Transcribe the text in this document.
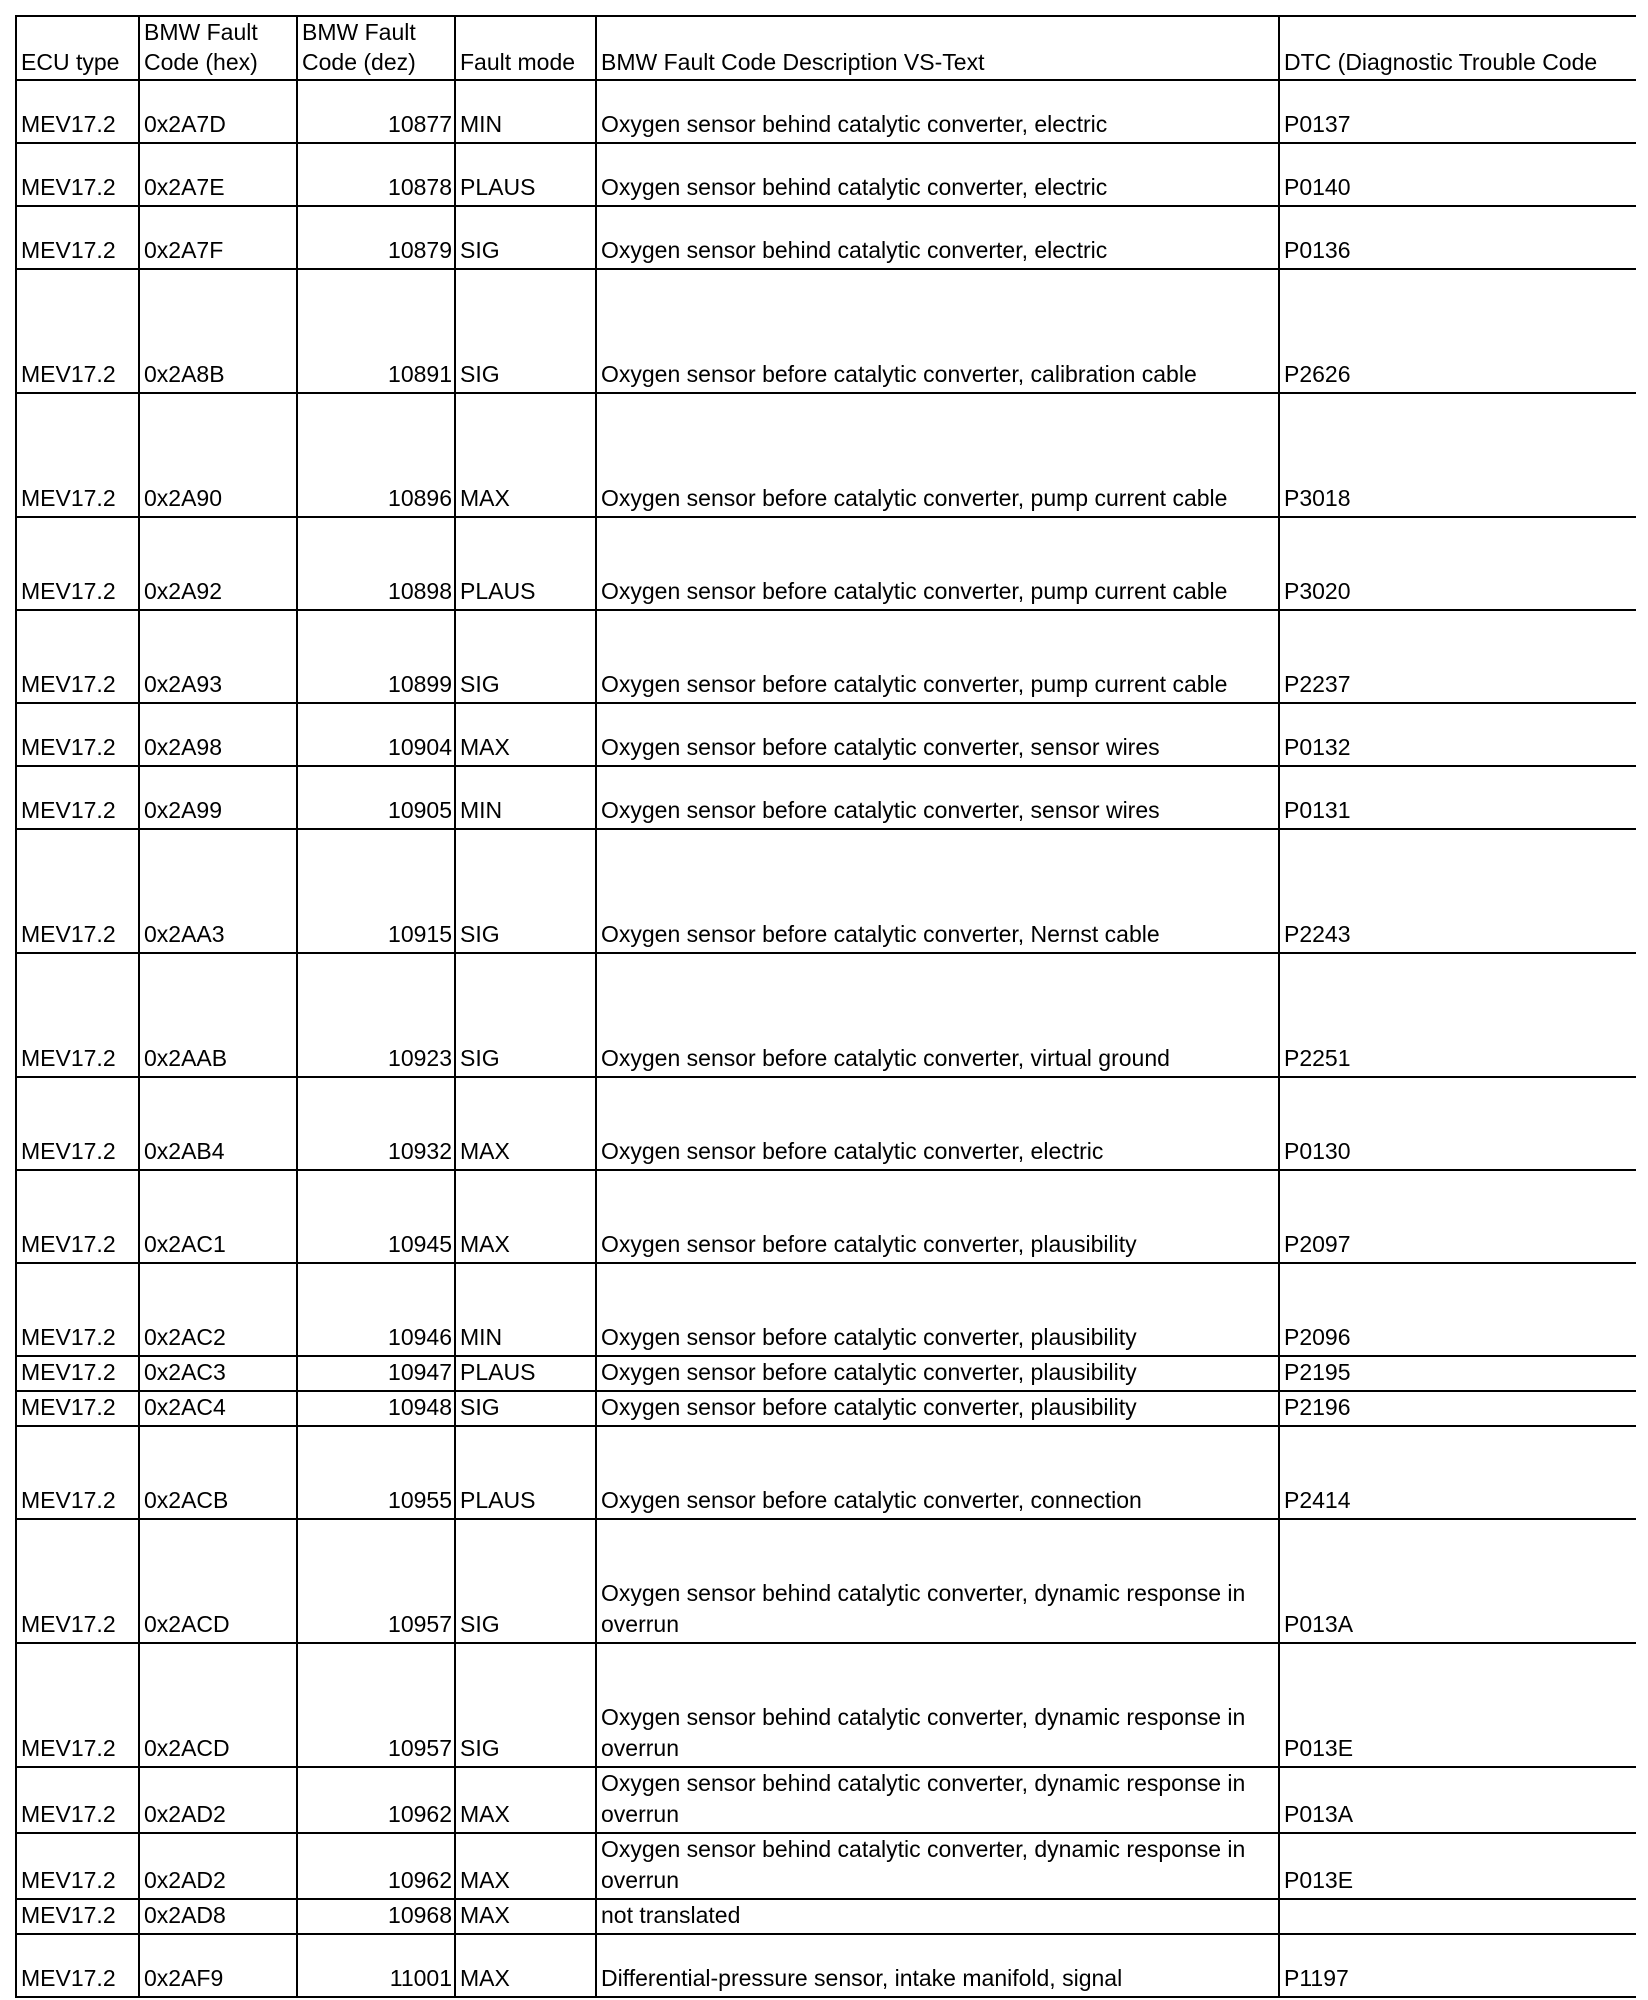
ECU type	BMW Fault Code (hex)	BMW Fault Code (dez)	Fault mode	BMW Fault Code Description VS-Text	DTC (Diagnostic Trouble Code
MEV17.2	0x2A7D	10877	MIN	Oxygen sensor behind catalytic converter, electric	P0137
MEV17.2	0x2A7E	10878	PLAUS	Oxygen sensor behind catalytic converter, electric	P0140
MEV17.2	0x2A7F	10879	SIG	Oxygen sensor behind catalytic converter, electric	P0136
MEV17.2	0x2A8B	10891	SIG	Oxygen sensor before catalytic converter, calibration cable	P2626
MEV17.2	0x2A90	10896	MAX	Oxygen sensor before catalytic converter, pump current cable	P3018
MEV17.2	0x2A92	10898	PLAUS	Oxygen sensor before catalytic converter, pump current cable	P3020
MEV17.2	0x2A93	10899	SIG	Oxygen sensor before catalytic converter, pump current cable	P2237
MEV17.2	0x2A98	10904	MAX	Oxygen sensor before catalytic converter, sensor wires	P0132
MEV17.2	0x2A99	10905	MIN	Oxygen sensor before catalytic converter, sensor wires	P0131
MEV17.2	0x2AA3	10915	SIG	Oxygen sensor before catalytic converter, Nernst cable	P2243
MEV17.2	0x2AAB	10923	SIG	Oxygen sensor before catalytic converter, virtual ground	P2251
MEV17.2	0x2AB4	10932	MAX	Oxygen sensor before catalytic converter, electric	P0130
MEV17.2	0x2AC1	10945	MAX	Oxygen sensor before catalytic converter, plausibility	P2097
MEV17.2	0x2AC2	10946	MIN	Oxygen sensor before catalytic converter, plausibility	P2096
MEV17.2	0x2AC3	10947	PLAUS	Oxygen sensor before catalytic converter, plausibility	P2195
MEV17.2	0x2AC4	10948	SIG	Oxygen sensor before catalytic converter, plausibility	P2196
MEV17.2	0x2ACB	10955	PLAUS	Oxygen sensor before catalytic converter, connection	P2414
MEV17.2	0x2ACD	10957	SIG	Oxygen sensor behind catalytic converter, dynamic response in overrun	P013A
MEV17.2	0x2ACD	10957	SIG	Oxygen sensor behind catalytic converter, dynamic response in overrun	P013E
MEV17.2	0x2AD2	10962	MAX	Oxygen sensor behind catalytic converter, dynamic response in overrun	P013A
MEV17.2	0x2AD2	10962	MAX	Oxygen sensor behind catalytic converter, dynamic response in overrun	P013E
MEV17.2	0x2AD8	10968	MAX	not translated	
MEV17.2	0x2AF9	11001	MAX	Differential-pressure sensor, intake manifold, signal	P1197
